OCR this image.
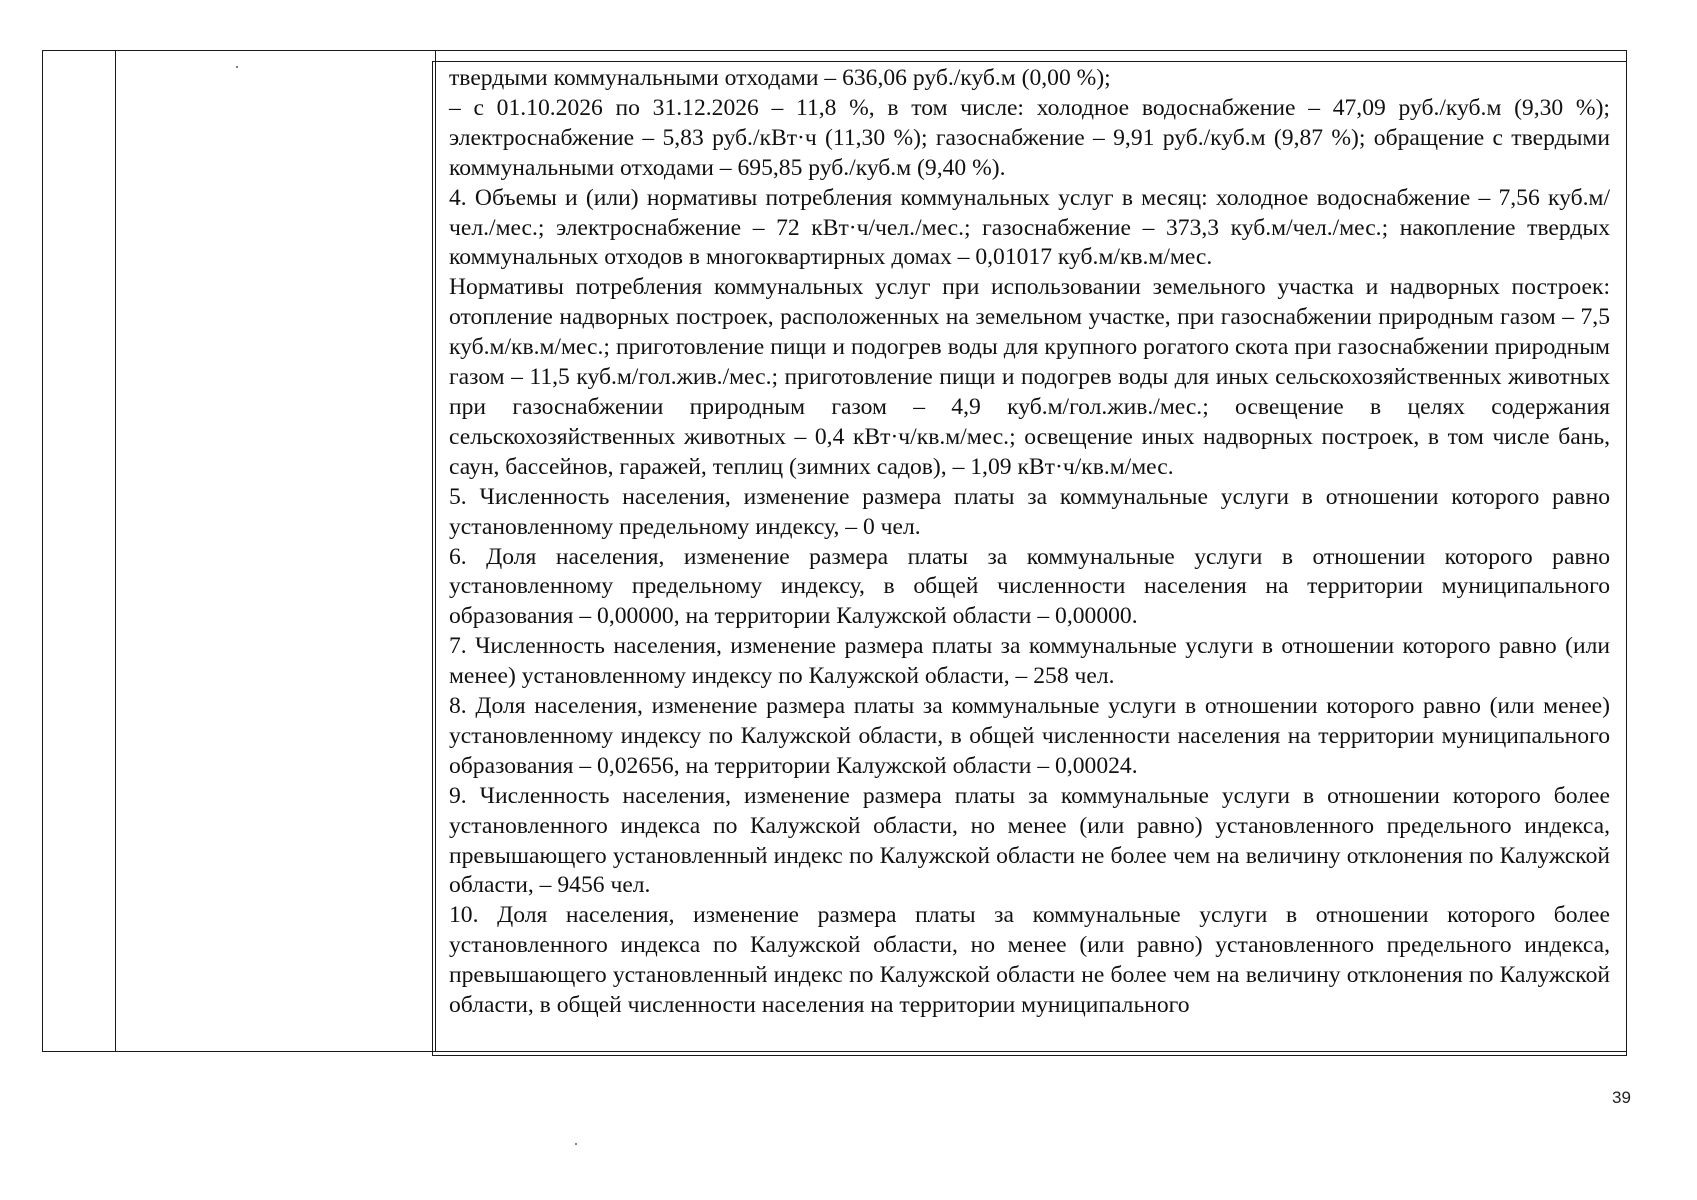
твердыми коммунальными отходами – 636,06 руб./куб.м (0,00 %);

– с 01.10.2026 по 31.12.2026 – 11,8 %, в том числе: холодное водоснабжение – 47,09 руб./куб.м (9,30 %); электроснабжение – 5,83 руб./кВт·ч (11,30 %); газоснабжение – 9,91 руб./куб.м (9,87 %); обращение с твердыми коммунальными отходами – 695,85 руб./куб.м (9,40 %).

4. Объемы и (или) нормативы потребления коммунальных услуг в месяц: холодное водоснабжение – 7,56 куб.м/чел./мес.; электроснабжение – 72 кВт·ч/чел./мес.; газоснабжение – 373,3 куб.м/чел./мес.; накопление твердых коммунальных отходов в многоквартирных домах – 0,01017 куб.м/кв.м/мес.

Нормативы потребления коммунальных услуг при использовании земельного участка и надворных построек: отопление надворных построек, расположенных на земельном участке, при газоснабжении природным газом – 7,5 куб.м/кв.м/мес.; приготовление пищи и подогрев воды для крупного рогатого скота при газоснабжении природным газом – 11,5 куб.м/гол.жив./мес.; приготовление пищи и подогрев воды для иных сельскохозяйственных животных при газоснабжении природным газом – 4,9 куб.м/гол.жив./мес.; освещение в целях содержания сельскохозяйственных животных – 0,4 кВт·ч/кв.м/мес.; освещение иных надворных построек, в том числе бань, саун, бассейнов, гаражей, теплиц (зимних садов), – 1,09 кВт·ч/кв.м/мес.

5. Численность населения, изменение размера платы за коммунальные услуги в отношении которого равно установленному предельному индексу, – 0 чел.

6. Доля населения, изменение размера платы за коммунальные услуги в отношении которого равно установленному предельному индексу, в общей численности населения на территории муниципального образования – 0,00000, на территории Калужской области – 0,00000.

7. Численность населения, изменение размера платы за коммунальные услуги в отношении которого равно (или менее) установленному индексу по Калужской области, – 258 чел.

8. Доля населения, изменение размера платы за коммунальные услуги в отношении которого равно (или менее) установленному индексу по Калужской области, в общей численности населения на территории муниципального образования – 0,02656, на территории Калужской области – 0,00024.

9. Численность населения, изменение размера платы за коммунальные услуги в отношении которого более установленного индекса по Калужской области, но менее (или равно) установленного предельного индекса, превышающего установленный индекс по Калужской области не более чем на величину отклонения по Калужской области, – 9456 чел.

10. Доля населения, изменение размера платы за коммунальные услуги в отношении которого более установленного индекса по Калужской области, но менее (или равно) установленного предельного индекса, превышающего установленный индекс по Калужской области не более чем на величину отклонения по Калужской области, в общей численности населения на территории муниципального

39
